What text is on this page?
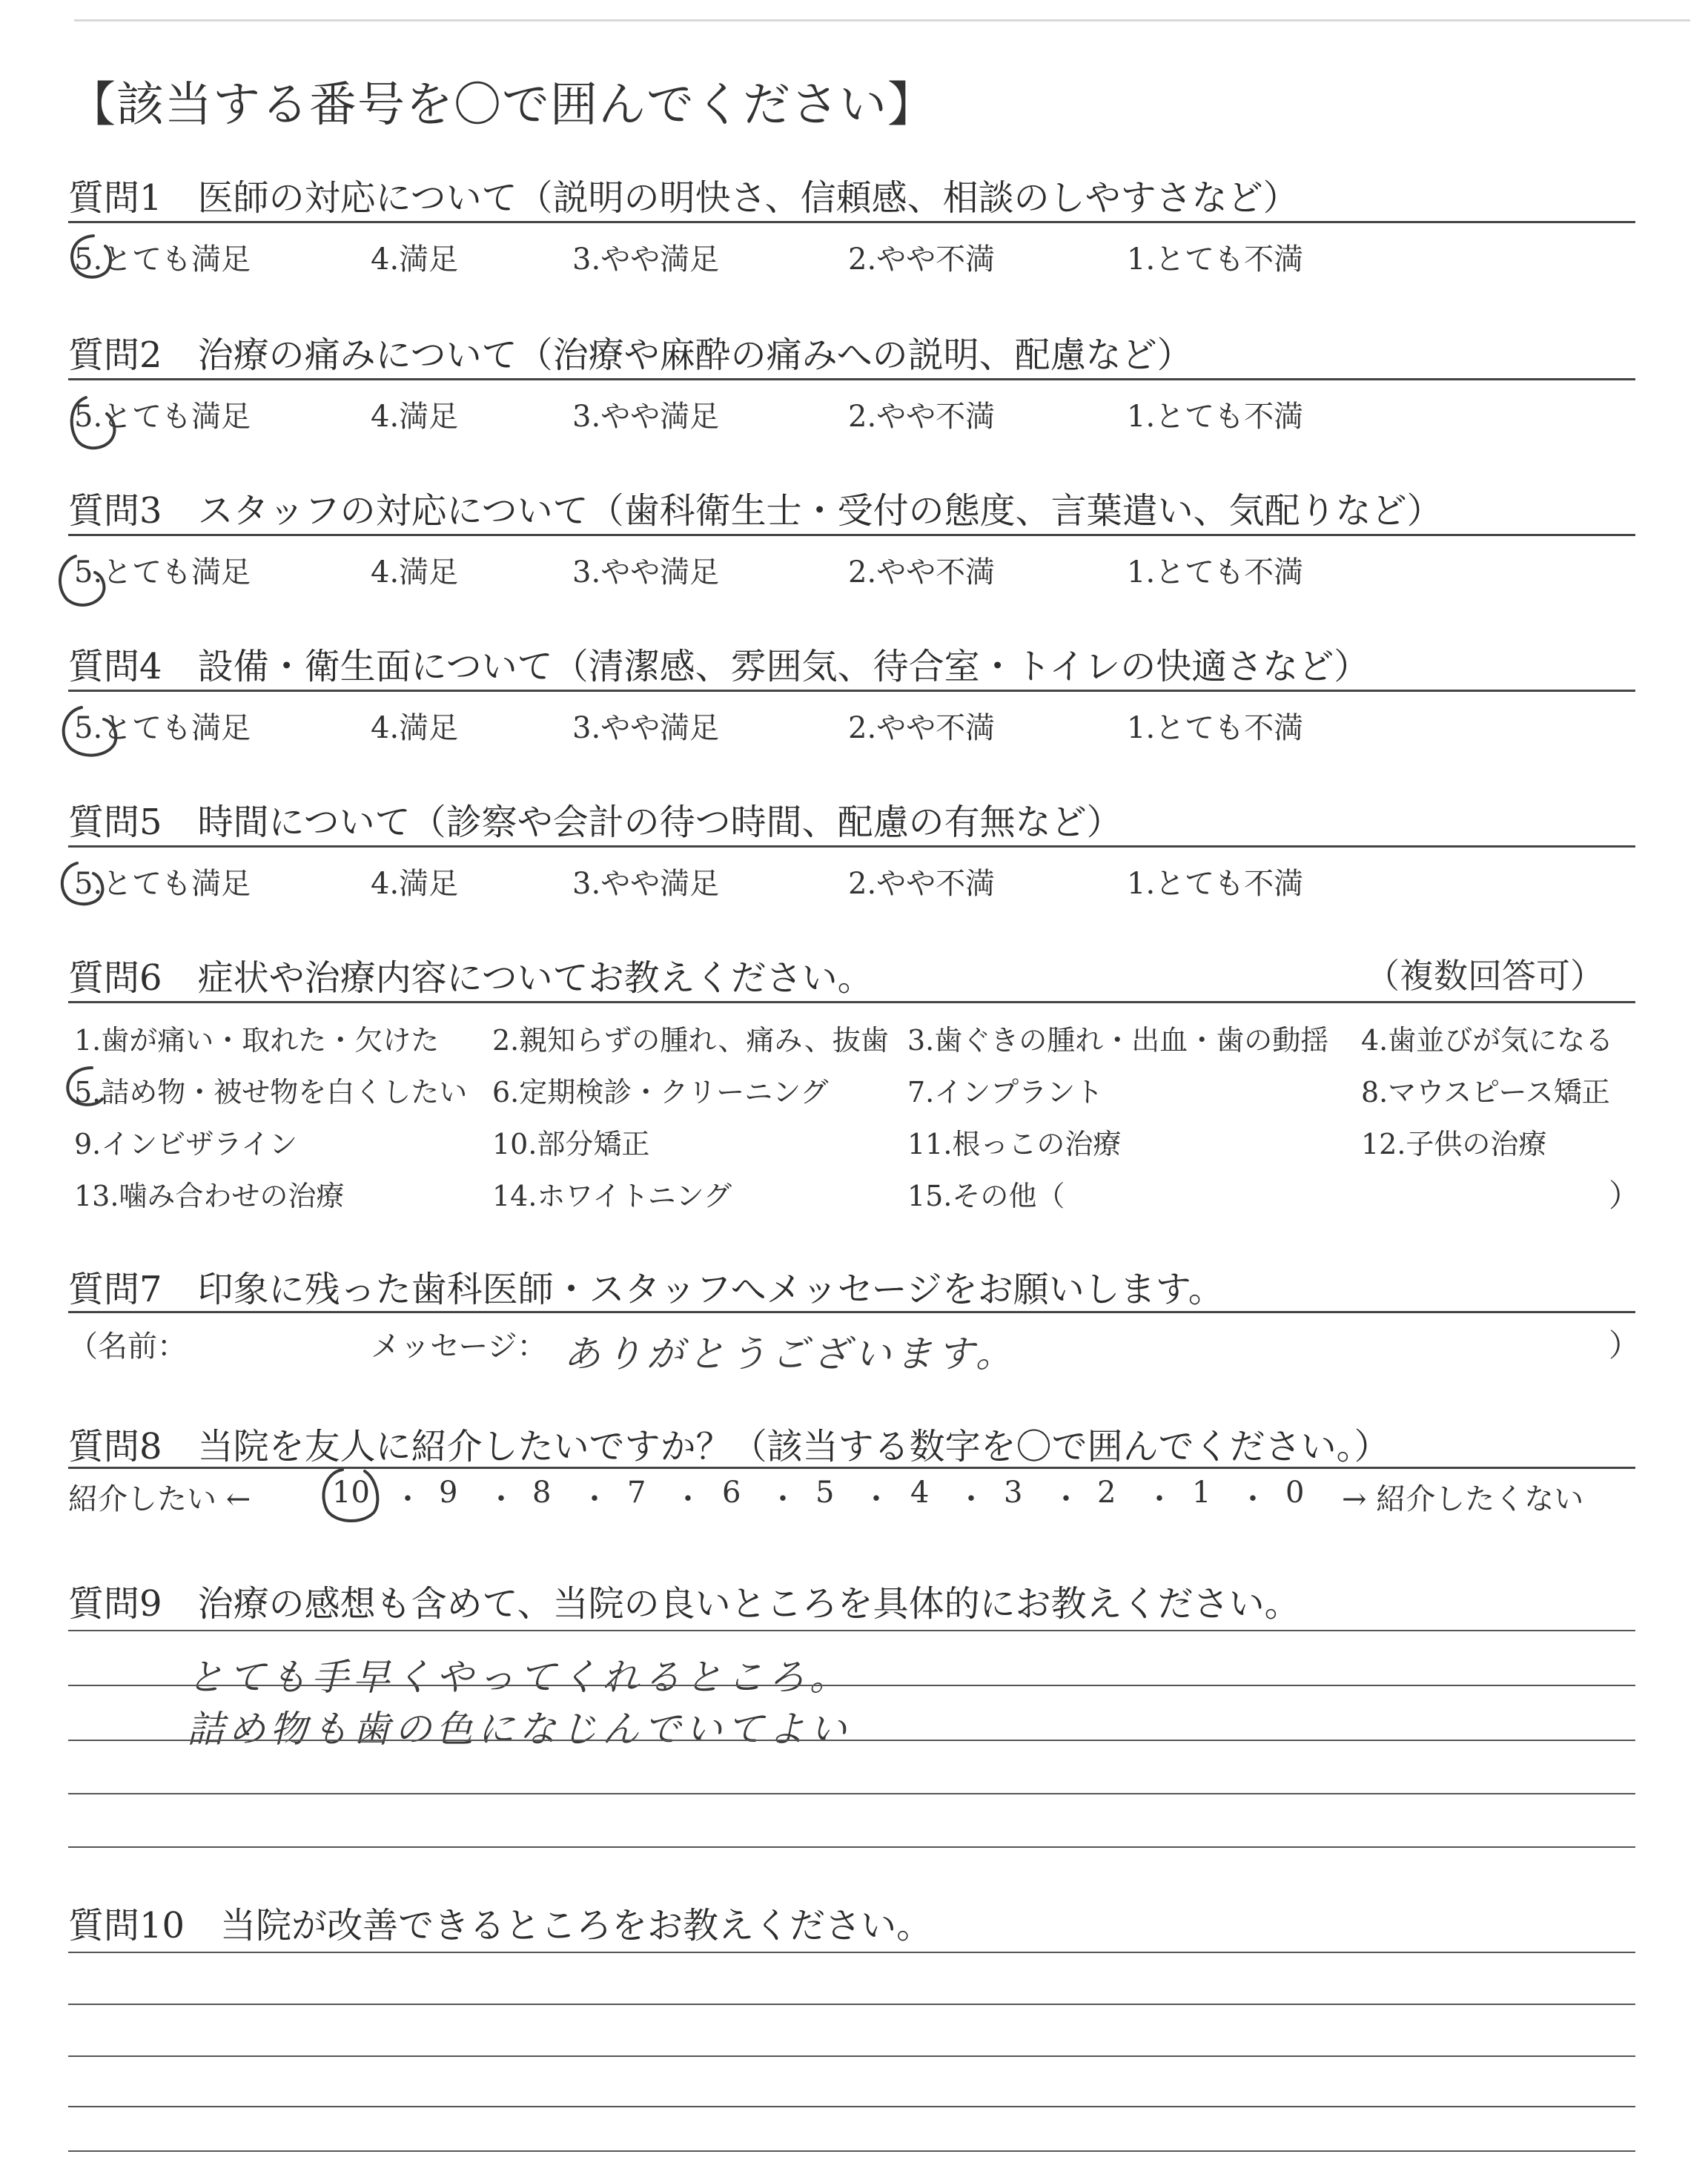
【該当する番号を〇で囲んでください】
質問1　 医師の対応について（説明の明快さ、信頼感、相談のしやすさなど）
5.とても満足	4.満足	3.やや満足	2.やや不満	1.とても不満
質問2　 治療の痛みについて（治療や麻酔の痛みへの説明、配慮など）
5.とても満足	4.満足	3.やや満足	2.やや不満	1.とても不満
質問3　 スタッフの対応について（歯科衛生士・受付の態度、言葉遣い、気配りなど）
5.とても満足	4.満足	3.やや満足	2.やや不満	1.とても不満
質問4　 設備・衛生面について（清潔感、雰囲気、待合室・トイレの快適さなど）
5.とても満足	4.満足	3.やや満足	2.やや不満	1.とても不満
質問5　 時間について（診察や会計の待つ時間、配慮の有無など）
5.とても満足	4.満足	3.やや満足	2.やや不満	1.とても不満
質問6　 症状や治療内容についてお教えください。	（複数回答可）
1.歯が痛い・取れた・欠けた 2.親知らずの腫れ、痛み、抜歯 3.歯ぐきの腫れ・出血・歯の動揺 4.歯並びが気になる
5.詰め物・被せ物を白くしたい 6.定期検診・クリーニング	7.インプラント	8.マウスピース矯正
9.インビザライン	10.部分矯正	11.根っこの治療	12.子供の治療
13.噛み合わせの治療	14.ホワイトニング	15.その他（	）
質問7　 印象に残った歯科医師・スタッフへメッセージをお願いします。
（名前：	メッセージ： ありがとうございます。	）
質問8　 当院を友人に紹介したいですか？（該当する数字を〇で囲んでください。）
紹介したい ←	10 ・ 9 ・ 8 ・ 7 ・ 6 ・ 5 ・ 4 ・ 3 ・ 2 ・ 1 ・ 0 → 紹介したくない
質問9　 治療の感想も含めて、当院の良いところを具体的にお教えください。
とても手早くやってくれるところ。
詰め物も歯の色になじんでいてよい
質問10　 当院が改善できるところをお教えください。
